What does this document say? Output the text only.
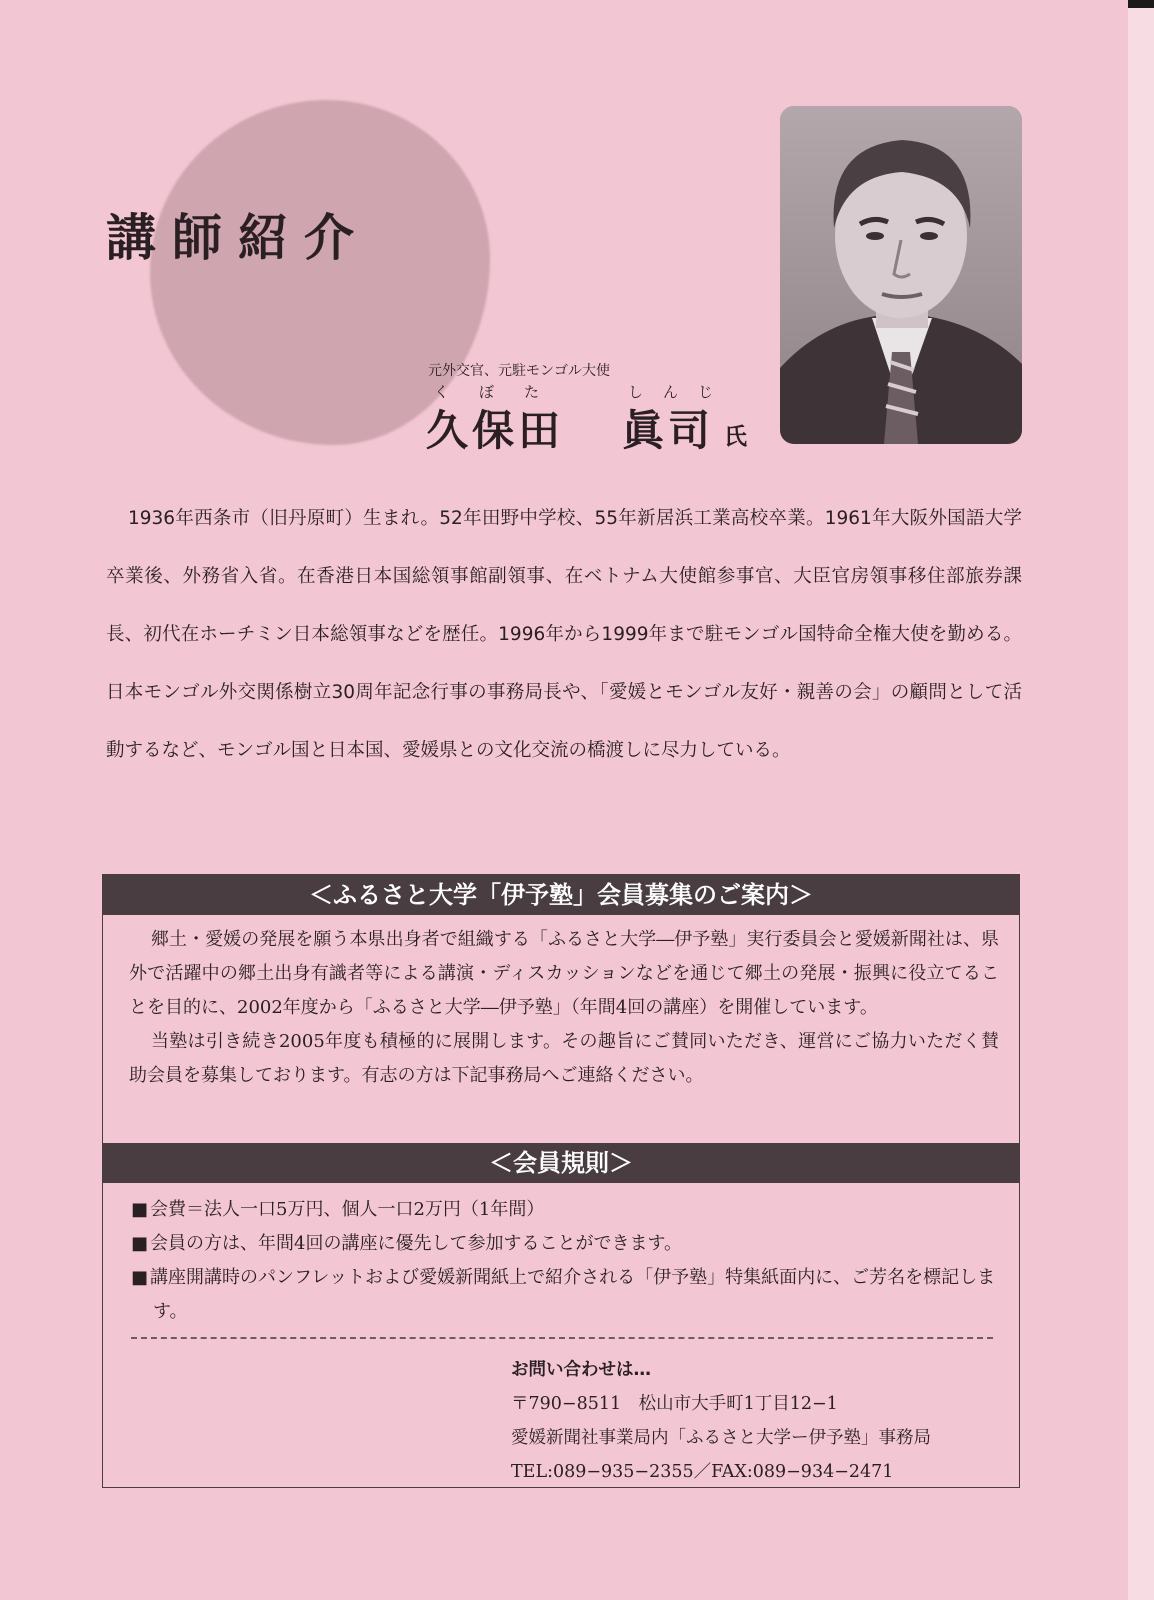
講師紹介
元外交官、元駐モンゴル大使
くぼた	しんじ
久保田 眞司 氏

1936年西条市（旧丹原町）生まれ。52年田野中学校、55年新居浜工業高校卒業。1961年大阪外国語大学卒業後、外務省入省。在香港日本国総領事館副領事、在ベトナム大使館参事官、大臣官房領事移住部旅券課長、初代在ホーチミン日本総領事などを歴任。1996年から1999年まで駐モンゴル国特命全権大使を勤める。日本モンゴル外交関係樹立30周年記念行事の事務局長や、「愛媛とモンゴル友好・親善の会」の顧問として活動するなど、モンゴル国と日本国、愛媛県との文化交流の橋渡しに尽力している。

＜ふるさと大学「伊予塾」会員募集のご案内＞

郷土・愛媛の発展を願う本県出身者で組織する「ふるさと大学―伊予塾」実行委員会と愛媛新聞社は、県外で活躍中の郷土出身有識者等による講演・ディスカッションなどを通じて郷土の発展・振興に役立てることを目的に、2002年度から「ふるさと大学―伊予塾」（年間4回の講座）を開催しています。

当塾は引き続き2005年度も積極的に展開します。その趣旨にご賛同いただき、運営にご協力いただく賛助会員を募集しております。有志の方は下記事務局へご連絡ください。

＜会員規則＞
■ 会費＝法人一口5万円、個人一口2万円（1年間）
■ 会員の方は、年間4回の講座に優先して参加することができます。
■ 講座開講時のパンフレットおよび愛媛新聞紙上で紹介される「伊予塾」特集紙面内に、ご芳名を標記します。
お問い合わせは…
〒790−8511　松山市大手町1丁目12−1
愛媛新聞社事業局内「ふるさと大学ー伊予塾」事務局
TEL:089−935−2355／FAX:089−934−2471
